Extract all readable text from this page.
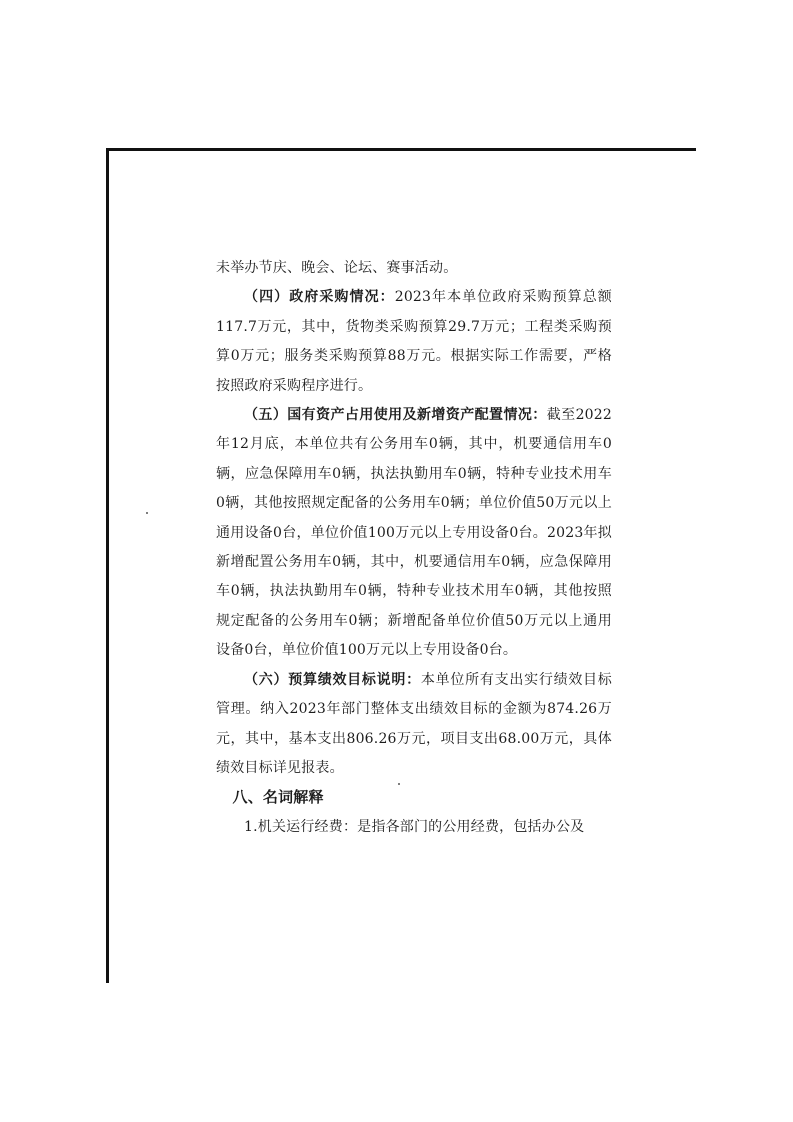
未举办节庆、晚会、论坛、赛事活动。

（四）政府采购情况：2023年本单位政府采购预算总额117.7万元，其中，货物类采购预算29.7万元；工程类采购预算0万元；服务类采购预算88万元。根据实际工作需要，严格按照政府采购程序进行。

（五）国有资产占用使用及新增资产配置情况：截至2022年12月底，本单位共有公务用车0辆，其中，机要通信用车0辆，应急保障用车0辆，执法执勤用车0辆，特种专业技术用车0辆，其他按照规定配备的公务用车0辆；单位价值50万元以上通用设备0台，单位价值100万元以上专用设备0台。2023年拟新增配置公务用车0辆，其中，机要通信用车0辆，应急保障用车0辆，执法执勤用车0辆，特种专业技术用车0辆，其他按照规定配备的公务用车0辆；新增配备单位价值50万元以上通用设备0台，单位价值100万元以上专用设备0台。

（六）预算绩效目标说明：本单位所有支出实行绩效目标管理。纳入2023年部门整体支出绩效目标的金额为874.26万元，其中，基本支出806.26万元，项目支出68.00万元，具体绩效目标详见报表。

八、名词解释

1.机关运行经费：是指各部门的公用经费，包括办公及
